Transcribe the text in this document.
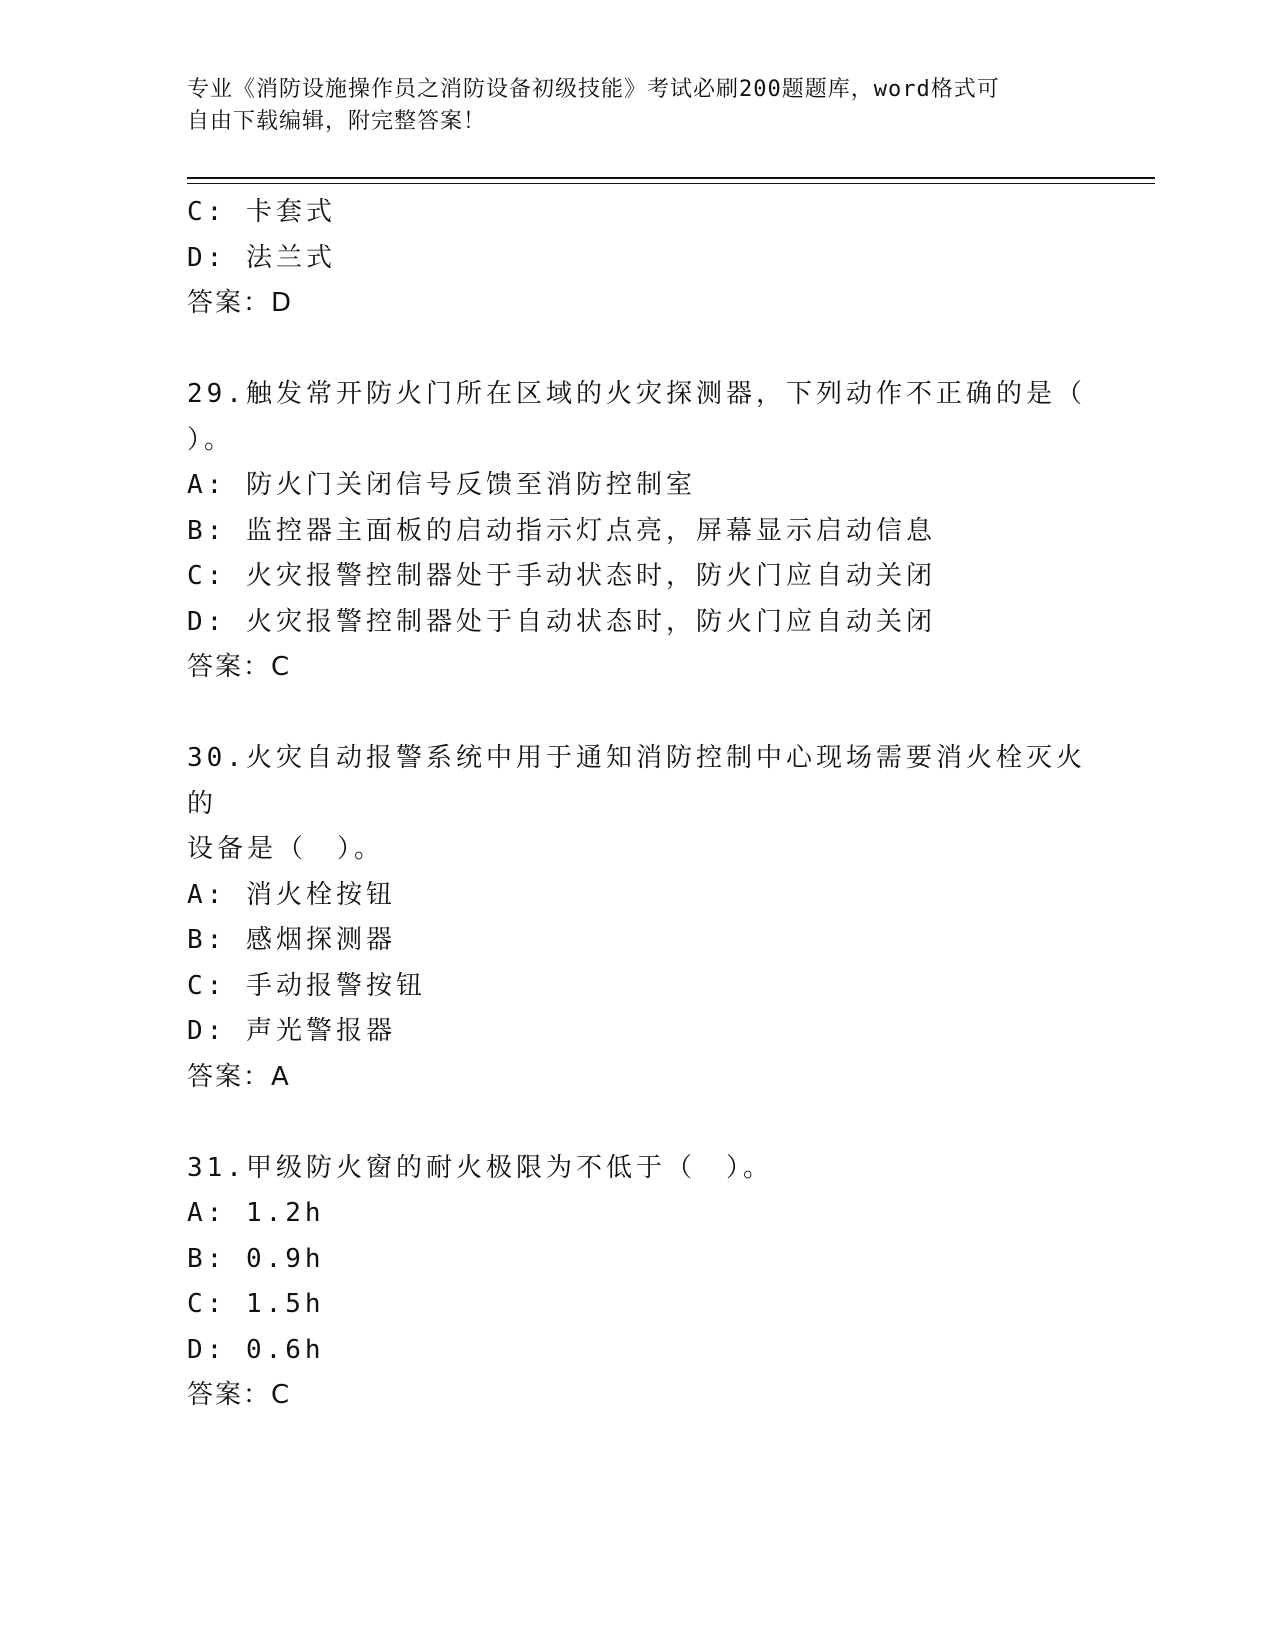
专业《消防设施操作员之消防设备初级技能》考试必刷200题题库，word格式可
自由下载编辑，附完整答案！
C: 卡套式
D: 法兰式
答案：D
29.触发常开防火门所在区域的火灾探测器，下列动作不正确的是（
）。
A: 防火门关闭信号反馈至消防控制室
B: 监控器主面板的启动指示灯点亮，屏幕显示启动信息
C: 火灾报警控制器处于手动状态时，防火门应自动关闭
D: 火灾报警控制器处于自动状态时，防火门应自动关闭
答案：C
30.火灾自动报警系统中用于通知消防控制中心现场需要消火栓灭火的
设备是（　）。
A: 消火栓按钮
B: 感烟探测器
C: 手动报警按钮
D: 声光警报器
答案：A
31.甲级防火窗的耐火极限为不低于（　）。
A: 1.2h
B: 0.9h
C: 1.5h
D: 0.6h
答案：C
